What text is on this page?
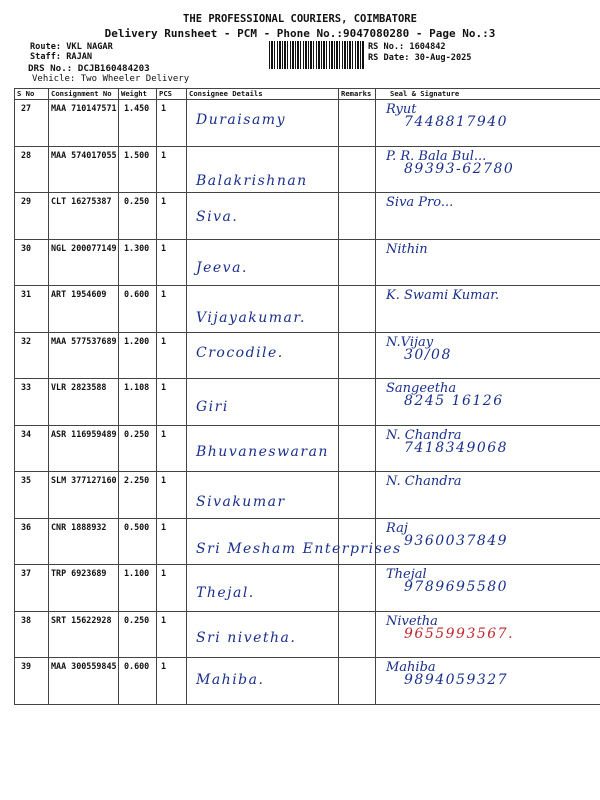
THE PROFESSIONAL COURIERS, COIMBATORE
Delivery Runsheet - PCM - Phone No.:9047080280 - Page No.:3
Route: VKL NAGAR
Staff: RAJAN
DRS No.: DCJB160484203
Vehicle: Two Wheeler Delivery
RS No.: 1604842
RS Date: 30-Aug-2025
S No	Consignment No	Weight	PCS	Consignee Details	Remarks	Seal & Signature
27	MAA 710147571	1.450	1	Duraisamy		Ryut
7448817940

28	MAA 574017055	1.500	1	Balakrishnan		P. R. Bala Bul...
89393-62780

29	CLT 16275387	0.250	1	Siva.		Siva Pro...

30	NGL 200077149	1.300	1	Jeeva.		Nithin

31	ART 1954609	0.600	1	Vijayakumar.		K. Swami Kumar.

32	MAA 577537689	1.200	1	Crocodile.		N.Vijay
30/08

33	VLR 2823588	1.108	1	Giri		Sangeetha
8245 16126

34	ASR 116959489	0.250	1	Bhuvaneswaran		N. Chandra
7418349068

35	SLM 377127160	2.250	1	Sivakumar		N. Chandra

36	CNR 1888932	0.500	1	Sri Mesham Enterprises		Raj
9360037849

37	TRP 6923689	1.100	1	Thejal.		Thejal
9789695580

38	SRT 15622928	0.250	1	Sri nivetha.		Nivetha
9655993567.

39	MAA 300559845	0.600	1	Mahiba.		Mahiba
9894059327
